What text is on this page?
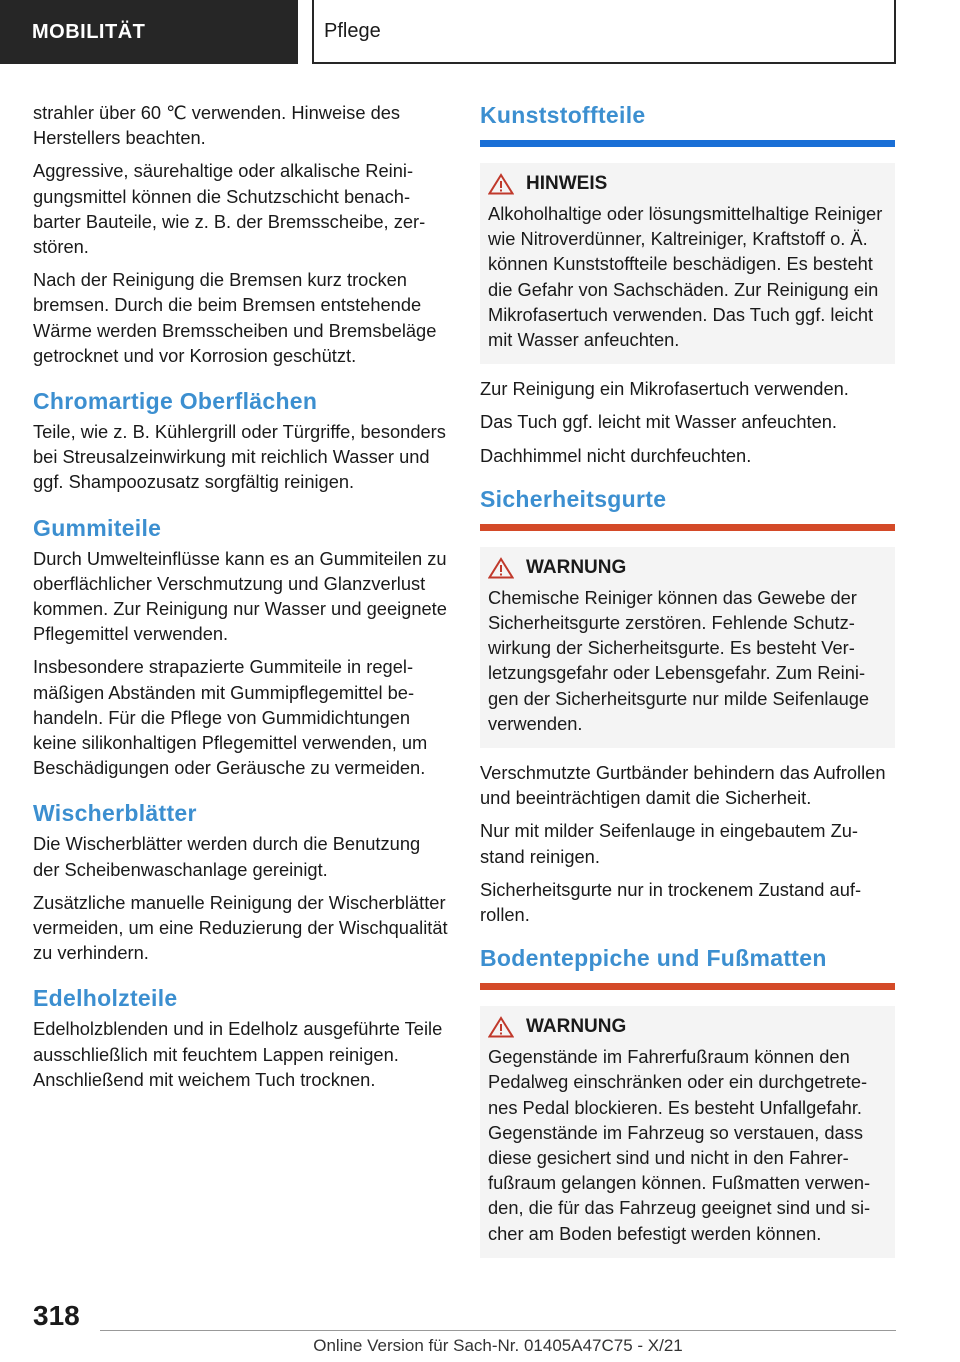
MOBILITÄT	Pflege

strahler über 60 ℃ verwenden. Hinweise des Herstellers beachten.

Aggressive, säurehaltige oder alkalische Reinigungsmittel können die Schutzschicht benachbarter Bauteile, wie z. B. der Bremsscheibe, zerstören.

Nach der Reinigung die Bremsen kurz trocken bremsen. Durch die beim Bremsen entstehende Wärme werden Bremsscheiben und Bremsbeläge getrocknet und vor Korrosion geschützt.

Chromartige Oberflächen

Teile, wie z. B. Kühlergrill oder Türgriffe, besonders bei Streusalzeinwirkung mit reichlich Wasser und ggf. Shampoozusatz sorgfältig reinigen.

Gummiteile

Durch Umwelteinflüsse kann es an Gummiteilen zu oberflächlicher Verschmutzung und Glanzverlust kommen. Zur Reinigung nur Wasser und geeignete Pflegemittel verwenden.

Insbesondere strapazierte Gummiteile in regelmäßigen Abständen mit Gummipflegemittel behandeln. Für die Pflege von Gummidichtungen keine silikonhaltigen Pflegemittel verwenden, um Beschädigungen oder Geräusche zu vermeiden.

Wischerblätter

Die Wischerblätter werden durch die Benutzung der Scheibenwaschanlage gereinigt.

Zusätzliche manuelle Reinigung der Wischerblätter vermeiden, um eine Reduzierung der Wischqualität zu verhindern.

Edelholzteile

Edelholzblenden und in Edelholz ausgeführte Teile ausschließlich mit feuchtem Lappen reinigen. Anschließend mit weichem Tuch trocknen.

Kunststoffteile
HINWEIS

Alkoholhaltige oder lösungsmittelhaltige Reiniger wie Nitroverdünner, Kaltreiniger, Kraftstoff o. Ä. können Kunststoffteile beschädigen. Es besteht die Gefahr von Sachschäden. Zur Reinigung ein Mikrofasertuch verwenden. Das Tuch ggf. leicht mit Wasser anfeuchten.

Zur Reinigung ein Mikrofasertuch verwenden.

Das Tuch ggf. leicht mit Wasser anfeuchten.

Dachhimmel nicht durchfeuchten.

Sicherheitsgurte
WARNUNG

Chemische Reiniger können das Gewebe der Sicherheitsgurte zerstören. Fehlende Schutzwirkung der Sicherheitsgurte. Es besteht Verletzungsgefahr oder Lebensgefahr. Zum Reinigen der Sicherheitsgurte nur milde Seifenlauge verwenden.

Verschmutzte Gurtbänder behindern das Aufrollen und beeinträchtigen damit die Sicherheit.

Nur mit milder Seifenlauge in eingebautem Zustand reinigen.

Sicherheitsgurte nur in trockenem Zustand aufrollen.

Bodenteppiche und Fußmatten
WARNUNG

Gegenstände im Fahrerfußraum können den Pedalweg einschränken oder ein durchgetretenes Pedal blockieren. Es besteht Unfallgefahr. Gegenstände im Fahrzeug so verstauen, dass diese gesichert sind und nicht in den Fahrerfußraum gelangen können. Fußmatten verwenden, die für das Fahrzeug geeignet sind und sicher am Boden befestigt werden können.

318
Online Version für Sach-Nr. 01405A47C75 - X/21
